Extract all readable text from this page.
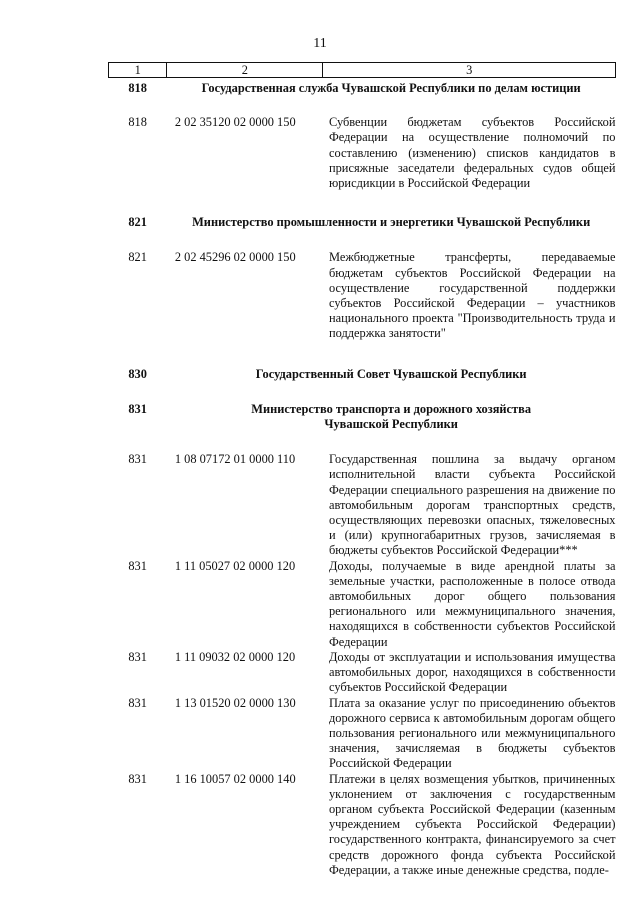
11
1	2	3
818	Государственная служба Чувашской Республики по делам юстиции	
818	2 02 35120 02 0000 150	Субвенции бюджетам субъектов Российской Федерации на осуществление полномочий по составлению (изменению) списков кандидатов в присяжные заседатели федеральных судов общей юрисдикции в Российской Федерации
821	Министерство промышленности и энергетики Чувашской Республики	
821	2 02 45296 02 0000 150	Межбюджетные трансферты, передаваемые бюджетам субъектов Российской Федерации на осуществление государственной поддержки субъектов Российской Федерации – участников национального проекта "Производительность труда и поддержка занятости"
830	Государственный Совет Чувашской Республики	
831	Министерство транспорта и дорожного хозяйства Чувашской Республики	
831	1 08 07172 01 0000 110	Государственная пошлина за выдачу органом исполнительной власти субъекта Российской Федерации специального разрешения на движение по автомобильным дорогам транспортных средств, осуществляющих перевозки опасных, тяжеловесных и (или) крупногабаритных грузов, зачисляемая в бюджеты субъектов Российской Федерации***
831	1 11 05027 02 0000 120	Доходы, получаемые в виде арендной платы за земельные участки, расположенные в полосе отвода автомобильных дорог общего пользования регионального или межмуниципального значения, находящихся в собственности субъектов Российской Федерации
831	1 11 09032 02 0000 120	Доходы от эксплуатации и использования имущества автомобильных дорог, находящихся в собственности субъектов Российской Федерации
831	1 13 01520 02 0000 130	Плата за оказание услуг по присоединению объектов дорожного сервиса к автомобильным дорогам общего пользования регионального или межмуниципального значения, зачисляемая в бюджеты субъектов Российской Федерации
831	1 16 10057 02 0000 140	Платежи в целях возмещения убытков, причиненных уклонением от заключения с государственным органом субъекта Российской Федерации (казенным учреждением субъекта Российской Федерации) государственного контракта, финансируемого за счет средств дорожного фонда субъекта Российской Федерации, а также иные денежные средства, подле-
